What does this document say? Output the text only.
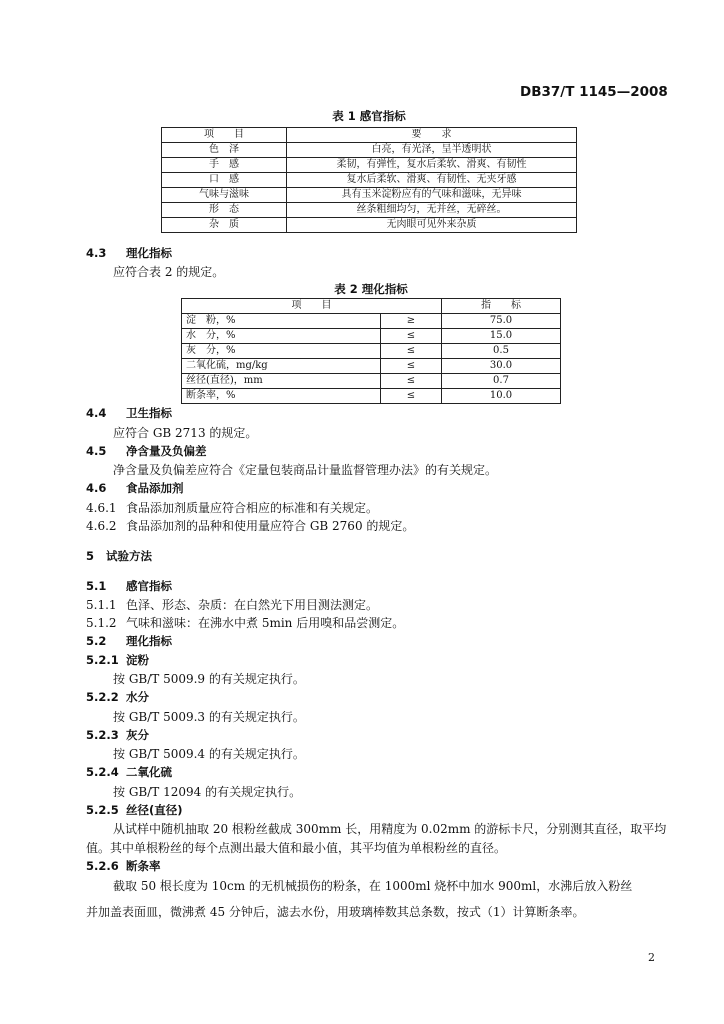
DB37/T 1145—2008
表 1 感官指标
项　　目	要　　求
色　泽	白亮，有光泽，呈半透明状
手　感	柔韧，有弹性，复水后柔软、滑爽、有韧性
口　感	复水后柔软、滑爽、有韧性、无夹牙感
气味与滋味	具有玉米淀粉应有的气味和滋味，无异味
形　态	丝条粗细均匀，无并丝，无碎丝。
杂　质	无肉眼可见外来杂质
4.3 理化指标
应符合表 2 的规定。
表 2 理化指标
项　　目		指　　标
淀　粉，%	≥	75.0
水　分，%	≤	15.0
灰　分，%	≤	0.5
二氧化硫，mg/kg	≤	30.0
丝径(直径)，mm	≤	0.7
断条率，%	≤	10.0
4.4 卫生指标
应符合 GB 2713 的规定。
4.5 净含量及负偏差
净含量及负偏差应符合《定量包装商品计量监督管理办法》的有关规定。
4.6 食品添加剂
4.6.1 食品添加剂质量应符合相应的标准和有关规定。
4.6.2 食品添加剂的品种和使用量应符合 GB 2760 的规定。
5 试验方法
5.1 感官指标
5.1.1 色泽、形态、杂质：在白然光下用目测法测定。
5.1.2 气味和滋味：在沸水中煮 5min 后用嗅和品尝测定。
5.2 理化指标
5.2.1 淀粉
按 GB/T 5009.9 的有关规定执行。
5.2.2 水分
按 GB/T 5009.3 的有关规定执行。
5.2.3 灰分
按 GB/T 5009.4 的有关规定执行。
5.2.4 二氧化硫
按 GB/T 12094 的有关规定执行。
5.2.5 丝径(直径)
从试样中随机抽取 20 根粉丝截成 300mm 长，用精度为 0.02mm 的游标卡尺，分别测其直径，取平均
值。其中单根粉丝的每个点测出最大值和最小值，其平均值为单根粉丝的直径。
5.2.6 断条率
截取 50 根长度为 10cm 的无机械损伤的粉条，在 1000ml 烧杯中加水 900ml，水沸后放入粉丝
并加盖表面皿，微沸煮 45 分钟后，滤去水份，用玻璃棒数其总条数，按式（1）计算断条率。
2
